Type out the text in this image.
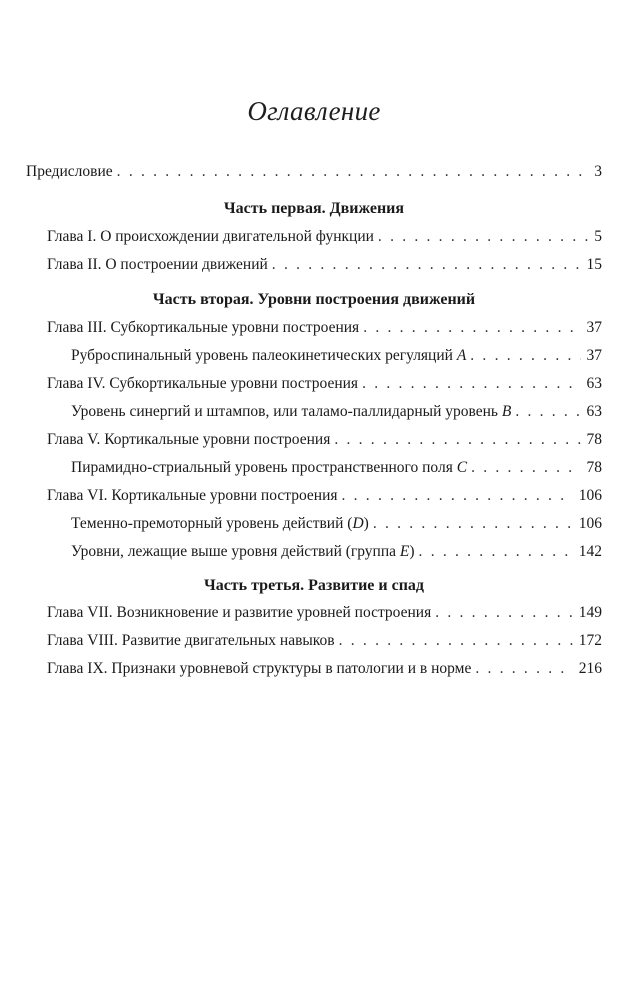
Оглавление
Предисловие . . .	3
Часть первая. Движения
Глава I. О происхождении двигательной функции . . .	5
Глава II. О построении движений . . .	15
Часть вторая. Уровни построения движений
Глава III. Субкортикальные уровни построения . . .	37
Руброспинальный уровень палеокинетических регуляций A . . .	37
Глава IV. Субкортикальные уровни построения . . .	63
Уровень синергий и штампов, или таламо-паллидарный уровень B . . .	63
Глава V. Кортикальные уровни построения . . .	78
Пирамидно-стриальный уровень пространственного поля C . . .	78
Глава VI. Кортикальные уровни построения . . .	106
Теменно-премоторный уровень действий (D) . . .	106
Уровни, лежащие выше уровня действий (группа E) . . .	142
Часть третья. Развитие и спад
Глава VII. Возникновение и развитие уровней построения . . .	149
Глава VIII. Развитие двигательных навыков . . .	172
Глава IX. Признаки уровневой структуры в патологии и в норме . . .	216
